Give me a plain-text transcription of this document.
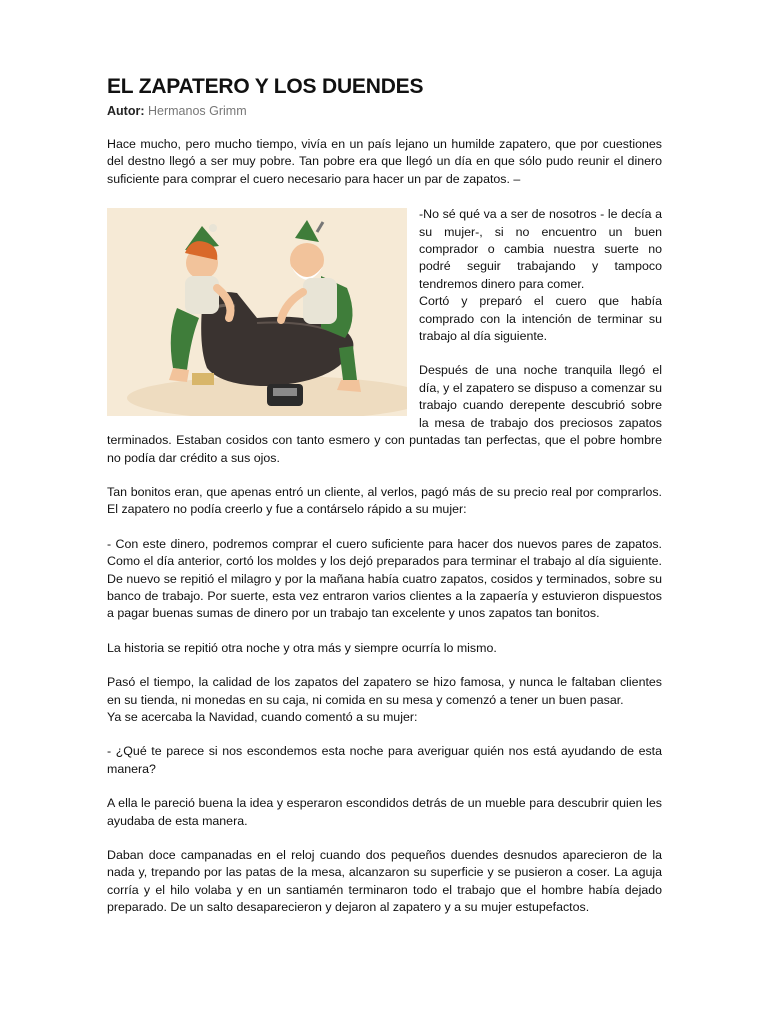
EL ZAPATERO Y LOS DUENDES
Autor: Hermanos Grimm

Hace mucho, pero mucho tiempo, vivía en un país lejano un humilde zapatero, que por cuestiones del destno llegó a ser muy pobre. Tan pobre era que llegó un día en que sólo pudo reunir el dinero suficiente para comprar el cuero necesario para hacer un par de zapatos. –

-No sé qué va a ser de nosotros - le decía a su mujer-, si no encuentro un buen comprador o cambia nuestra suerte no podré seguir trabajando y tampoco tendremos dinero para comer.

Cortó y preparó el cuero que había comprado con la intención de terminar su trabajo al día siguiente.

Después de una noche tranquila llegó el día, y el zapatero se dispuso a comenzar su trabajo cuando derepente descubrió sobre la mesa de trabajo dos preciosos zapatos terminados. Estaban cosidos con tanto esmero y con puntadas tan perfectas, que el pobre hombre no podía dar crédito a sus ojos.

Tan bonitos eran, que apenas entró un cliente, al verlos, pagó más de su precio real por comprarlos. El zapatero no podía creerlo y fue a contárselo rápido a su mujer:

- Con este dinero, podremos comprar el cuero suficiente para hacer dos nuevos pares de zapatos. Como el día anterior, cortó los moldes y los dejó preparados para terminar el trabajo al día siguiente. De nuevo se repitió el milagro y por la mañana había cuatro zapatos, cosidos y terminados, sobre su banco de trabajo. Por suerte, esta vez entraron varios clientes a la zapaería y estuvieron dispuestos a pagar buenas sumas de dinero por un trabajo tan excelente y unos zapatos tan bonitos.

La historia se repitió otra noche y otra más y siempre ocurría lo mismo.

Pasó el tiempo, la calidad de los zapatos del zapatero se hizo famosa, y nunca le faltaban clientes en su tienda, ni monedas en su caja, ni comida en su mesa y comenzó a tener un buen pasar.

Ya se acercaba la Navidad, cuando comentó a su mujer:

- ¿Qué te parece si nos escondemos esta noche para averiguar quién nos está ayudando de esta manera?

A ella le pareció buena la idea y esperaron escondidos detrás de un mueble para descubrir quien les ayudaba de esta manera.

Daban doce campanadas en el reloj cuando dos pequeños duendes desnudos aparecieron de la nada y, trepando por las patas de la mesa, alcanzaron su superficie y se pusieron a coser. La aguja corría y el hilo volaba y en un santiamén terminaron todo el trabajo que el hombre había dejado preparado. De un salto desaparecieron y dejaron al zapatero y a su mujer estupefactos.
